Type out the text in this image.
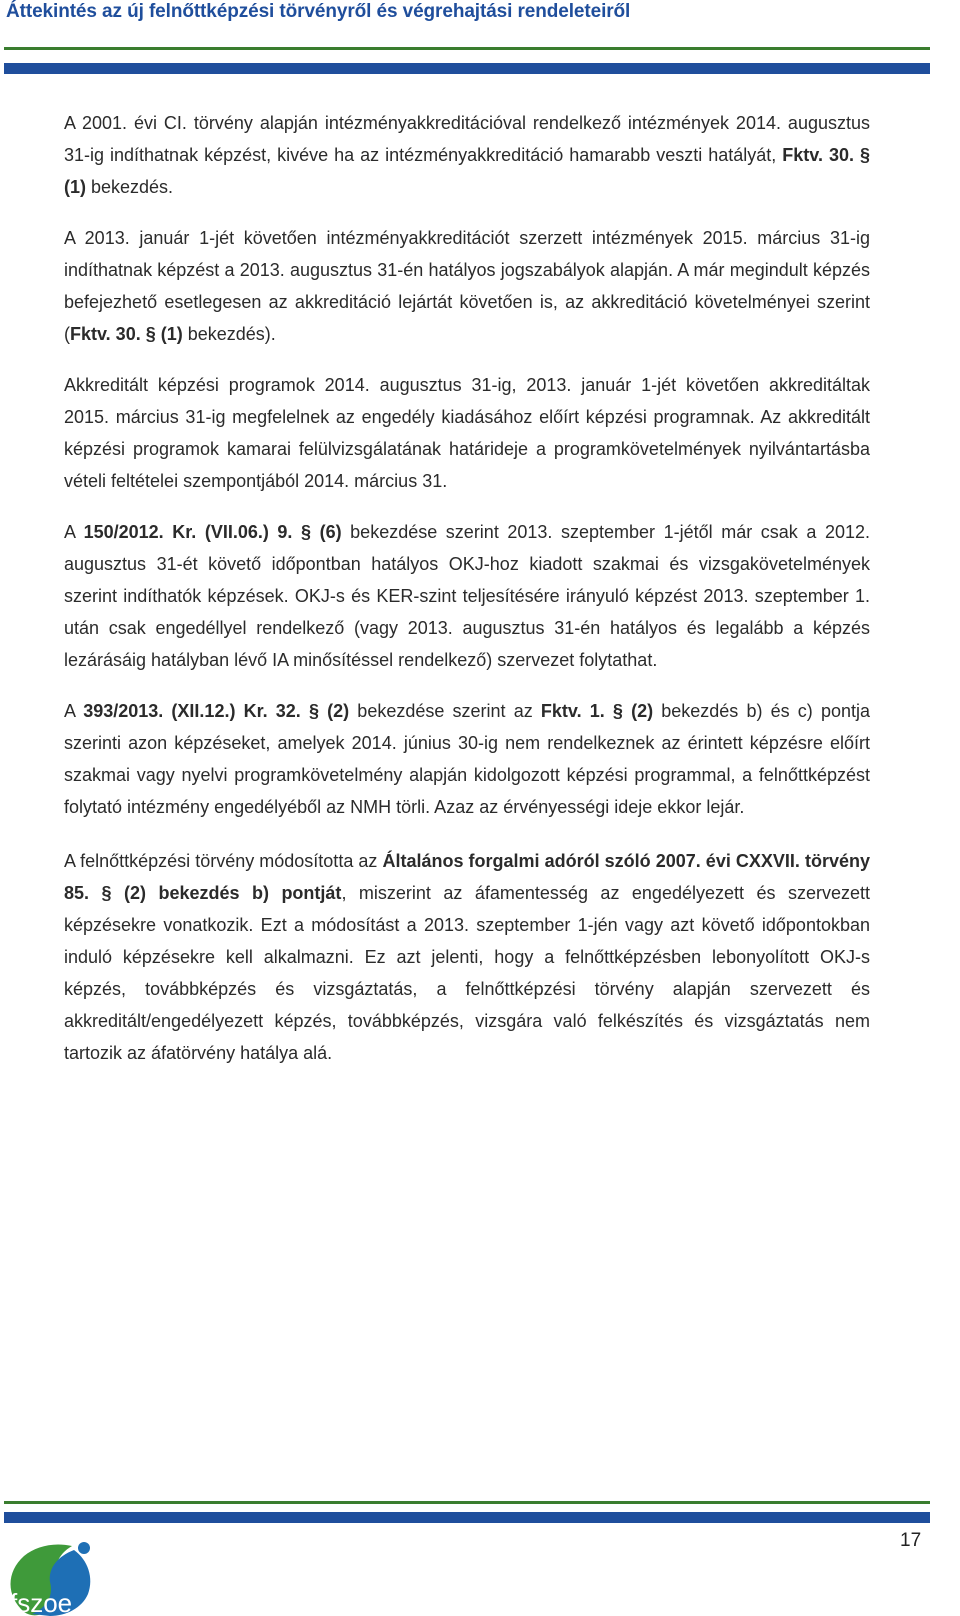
Áttekintés az új felnőttképzési törvényről és végrehajtási rendeleteiről

A 2001. évi CI. törvény alapján intézményakkreditációval rendelkező intézmények 2014. augusztus 31-ig indíthatnak képzést, kivéve ha az intézményakkreditáció hamarabb veszti hatályát, Fktv. 30. § (1) bekezdés.

A 2013. január 1-jét követően intézményakkreditációt szerzett intézmények 2015. március 31-ig indíthatnak képzést a 2013. augusztus 31-én hatályos jogszabályok alapján. A már megindult képzés befejezhető esetlegesen az akkreditáció lejártát követően is, az akkreditáció követelményei szerint (Fktv. 30. § (1) bekezdés).

Akkreditált képzési programok 2014. augusztus 31-ig, 2013. január 1-jét követően akkreditáltak 2015. március 31-ig megfelelnek az engedély kiadásához előírt képzési programnak. Az akkreditált képzési programok kamarai felülvizsgálatának határideje a programkövetelmények nyilvántartásba vételi feltételei szempontjából 2014. március 31.

A 150/2012. Kr. (VII.06.) 9. § (6) bekezdése szerint 2013. szeptember 1-jétől már csak a 2012. augusztus 31-ét követő időpontban hatályos OKJ-hoz kiadott szakmai és vizsgakövetelmények szerint indíthatók képzések. OKJ-s és KER-szint teljesítésére irányuló képzést 2013. szeptember 1. után csak engedéllyel rendelkező (vagy 2013. augusztus 31-én hatályos és legalább a képzés lezárásáig hatályban lévő IA minősítéssel rendelkező) szervezet folytathat.

A 393/2013. (XII.12.) Kr. 32. § (2) bekezdése szerint az Fktv. 1. § (2) bekezdés b) és c) pontja szerinti azon képzéseket, amelyek 2014. június 30-ig nem rendelkeznek az érintett képzésre előírt szakmai vagy nyelvi programkövetelmény alapján kidolgozott képzési programmal, a felnőttképzést folytató intézmény engedélyéből az NMH törli. Azaz az érvényességi ideje ekkor lejár.

A felnőttképzési törvény módosította az Általános forgalmi adóról szóló 2007. évi CXXVII. törvény 85. § (2) bekezdés b) pontját, miszerint az áfamentesség az engedélyezett és szervezett képzésekre vonatkozik. Ezt a módosítást a 2013. szeptember 1-jén vagy azt követő időpontokban induló képzésekre kell alkalmazni. Ez azt jelenti, hogy a felnőttképzésben lebonyolított OKJ-s képzés, továbbképzés és vizsgáztatás, a felnőttképzési törvény alapján szervezett és akkreditált/engedélyezett képzés, továbbképzés, vizsgára való felkészítés és vizsgáztatás nem tartozik az áfatörvény hatálya alá.

17
fszoe
